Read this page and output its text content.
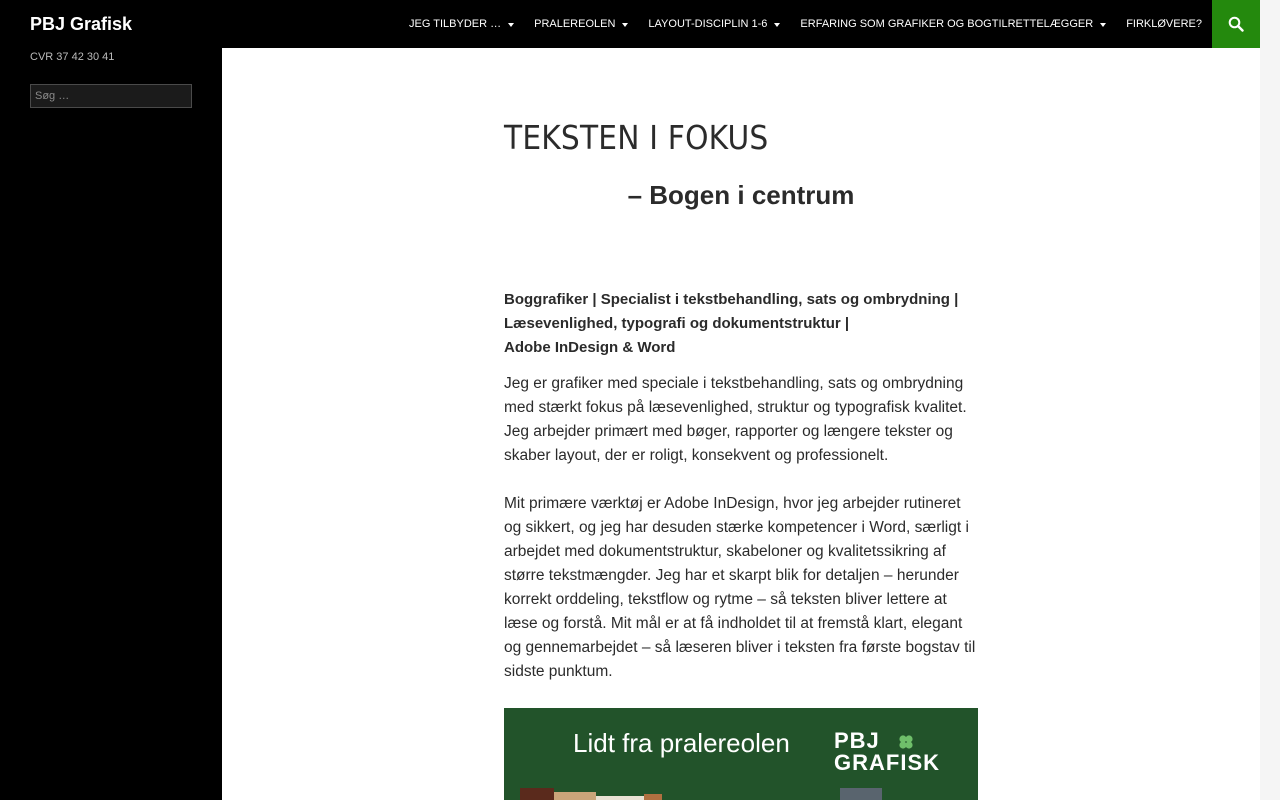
CVR 37 42 30 41
Søg …
PBJ Grafisk	JEG TILBYDER …	PRALEREOLEN	LAYOUT-DISCIPLIN 1-6	ERFARING SOM GRAFIKER OG BOGTILRETTELÆGGER	FIRKLØVERE?
TEKSTEN I FOKUS
– Bogen i centrum
Boggrafiker | Specialist i tekstbehandling, sats og ombrydning |
Læsevenlighed, typografi og dokumentstruktur |
Adobe InDesign & Word

Jeg er grafiker med speciale i tekstbehandling, sats og ombrydning med stærkt fokus på læsevenlighed, struktur og typografisk kvalitet. Jeg arbejder primært med bøger, rapporter og længere tekster og skaber layout, der er roligt, konsekvent og professionelt.

Mit primære værktøj er Adobe InDesign, hvor jeg arbejder rutineret og sikkert, og jeg har desuden stærke kompetencer i Word, særligt i arbejdet med dokumentstruktur, skabeloner og kvalitetssikring af større tekstmængder. Jeg har et skarpt blik for detaljen – herunder korrekt orddeling, tekstflow og rytme – så teksten bliver lettere at læse og forstå. Mit mål er at få indholdet til at fremstå klart, elegant og gennemarbejdet – så læseren bliver i teksten fra første bogstav til sidste punktum.

Lidt fra pralereolen PBJ
GRAFISK
